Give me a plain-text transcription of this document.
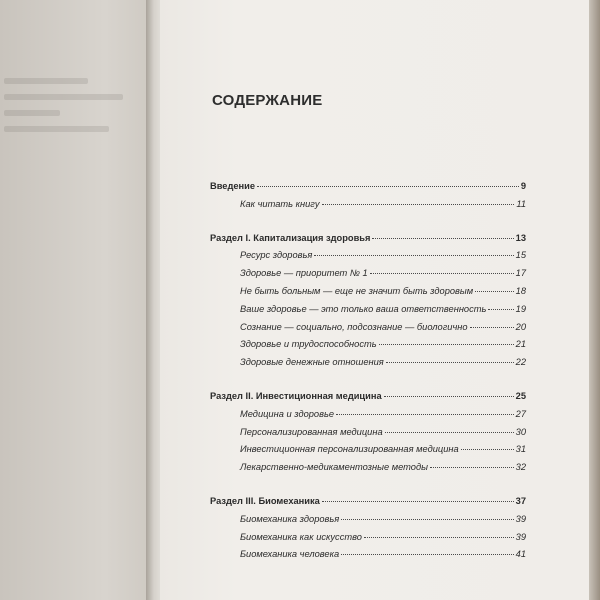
СОДЕРЖАНИЕ
Введение	9
Как читать книгу	11
Раздел I. Капитализация здоровья	13
Ресурс здоровья	15
Здоровье — приоритет № 1	17
Не быть больным — еще не значит быть здоровым	18
Ваше здоровье — это только ваша ответственность	19
Сознание — социально, подсознание — биологично	20
Здоровье и трудоспособность	21
Здоровые денежные отношения	22
Раздел II. Инвестиционная медицина	25
Медицина и здоровье	27
Персонализированная медицина	30
Инвестиционная персонализированная медицина	31
Лекарственно-медикаментозные методы	32
Раздел III. Биомеханика	37
Биомеханика здоровья	39
Биомеханика как искусство	39
Биомеханика человека	41
